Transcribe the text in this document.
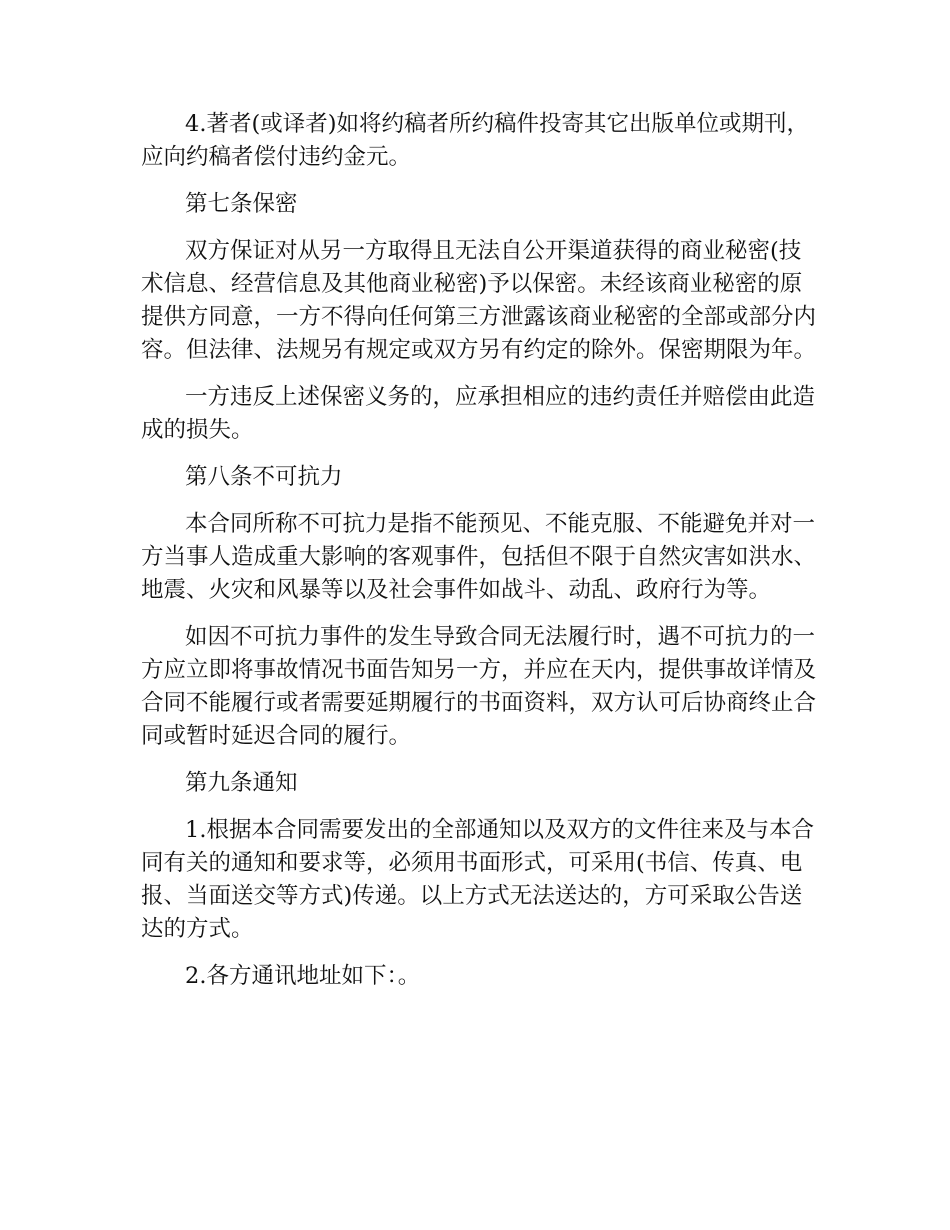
4.著者(或译者)如将约稿者所约稿件投寄其它出版单位或期刊，应向约稿者偿付违约金元。

第七条保密

双方保证对从另一方取得且无法自公开渠道获得的商业秘密(技术信息、经营信息及其他商业秘密)予以保密。未经该商业秘密的原提供方同意，一方不得向任何第三方泄露该商业秘密的全部或部分内容。但法律、法规另有规定或双方另有约定的除外。保密期限为年。

一方违反上述保密义务的，应承担相应的违约责任并赔偿由此造成的损失。

第八条不可抗力

本合同所称不可抗力是指不能预见、不能克服、不能避免并对一方当事人造成重大影响的客观事件，包括但不限于自然灾害如洪水、地震、火灾和风暴等以及社会事件如战斗、动乱、政府行为等。

如因不可抗力事件的发生导致合同无法履行时，遇不可抗力的一方应立即将事故情况书面告知另一方，并应在天内，提供事故详情及合同不能履行或者需要延期履行的书面资料，双方认可后协商终止合同或暂时延迟合同的履行。

第九条通知

1.根据本合同需要发出的全部通知以及双方的文件往来及与本合同有关的通知和要求等，必须用书面形式，可采用(书信、传真、电报、当面送交等方式)传递。以上方式无法送达的，方可采取公告送达的方式。

2.各方通讯地址如下：。
